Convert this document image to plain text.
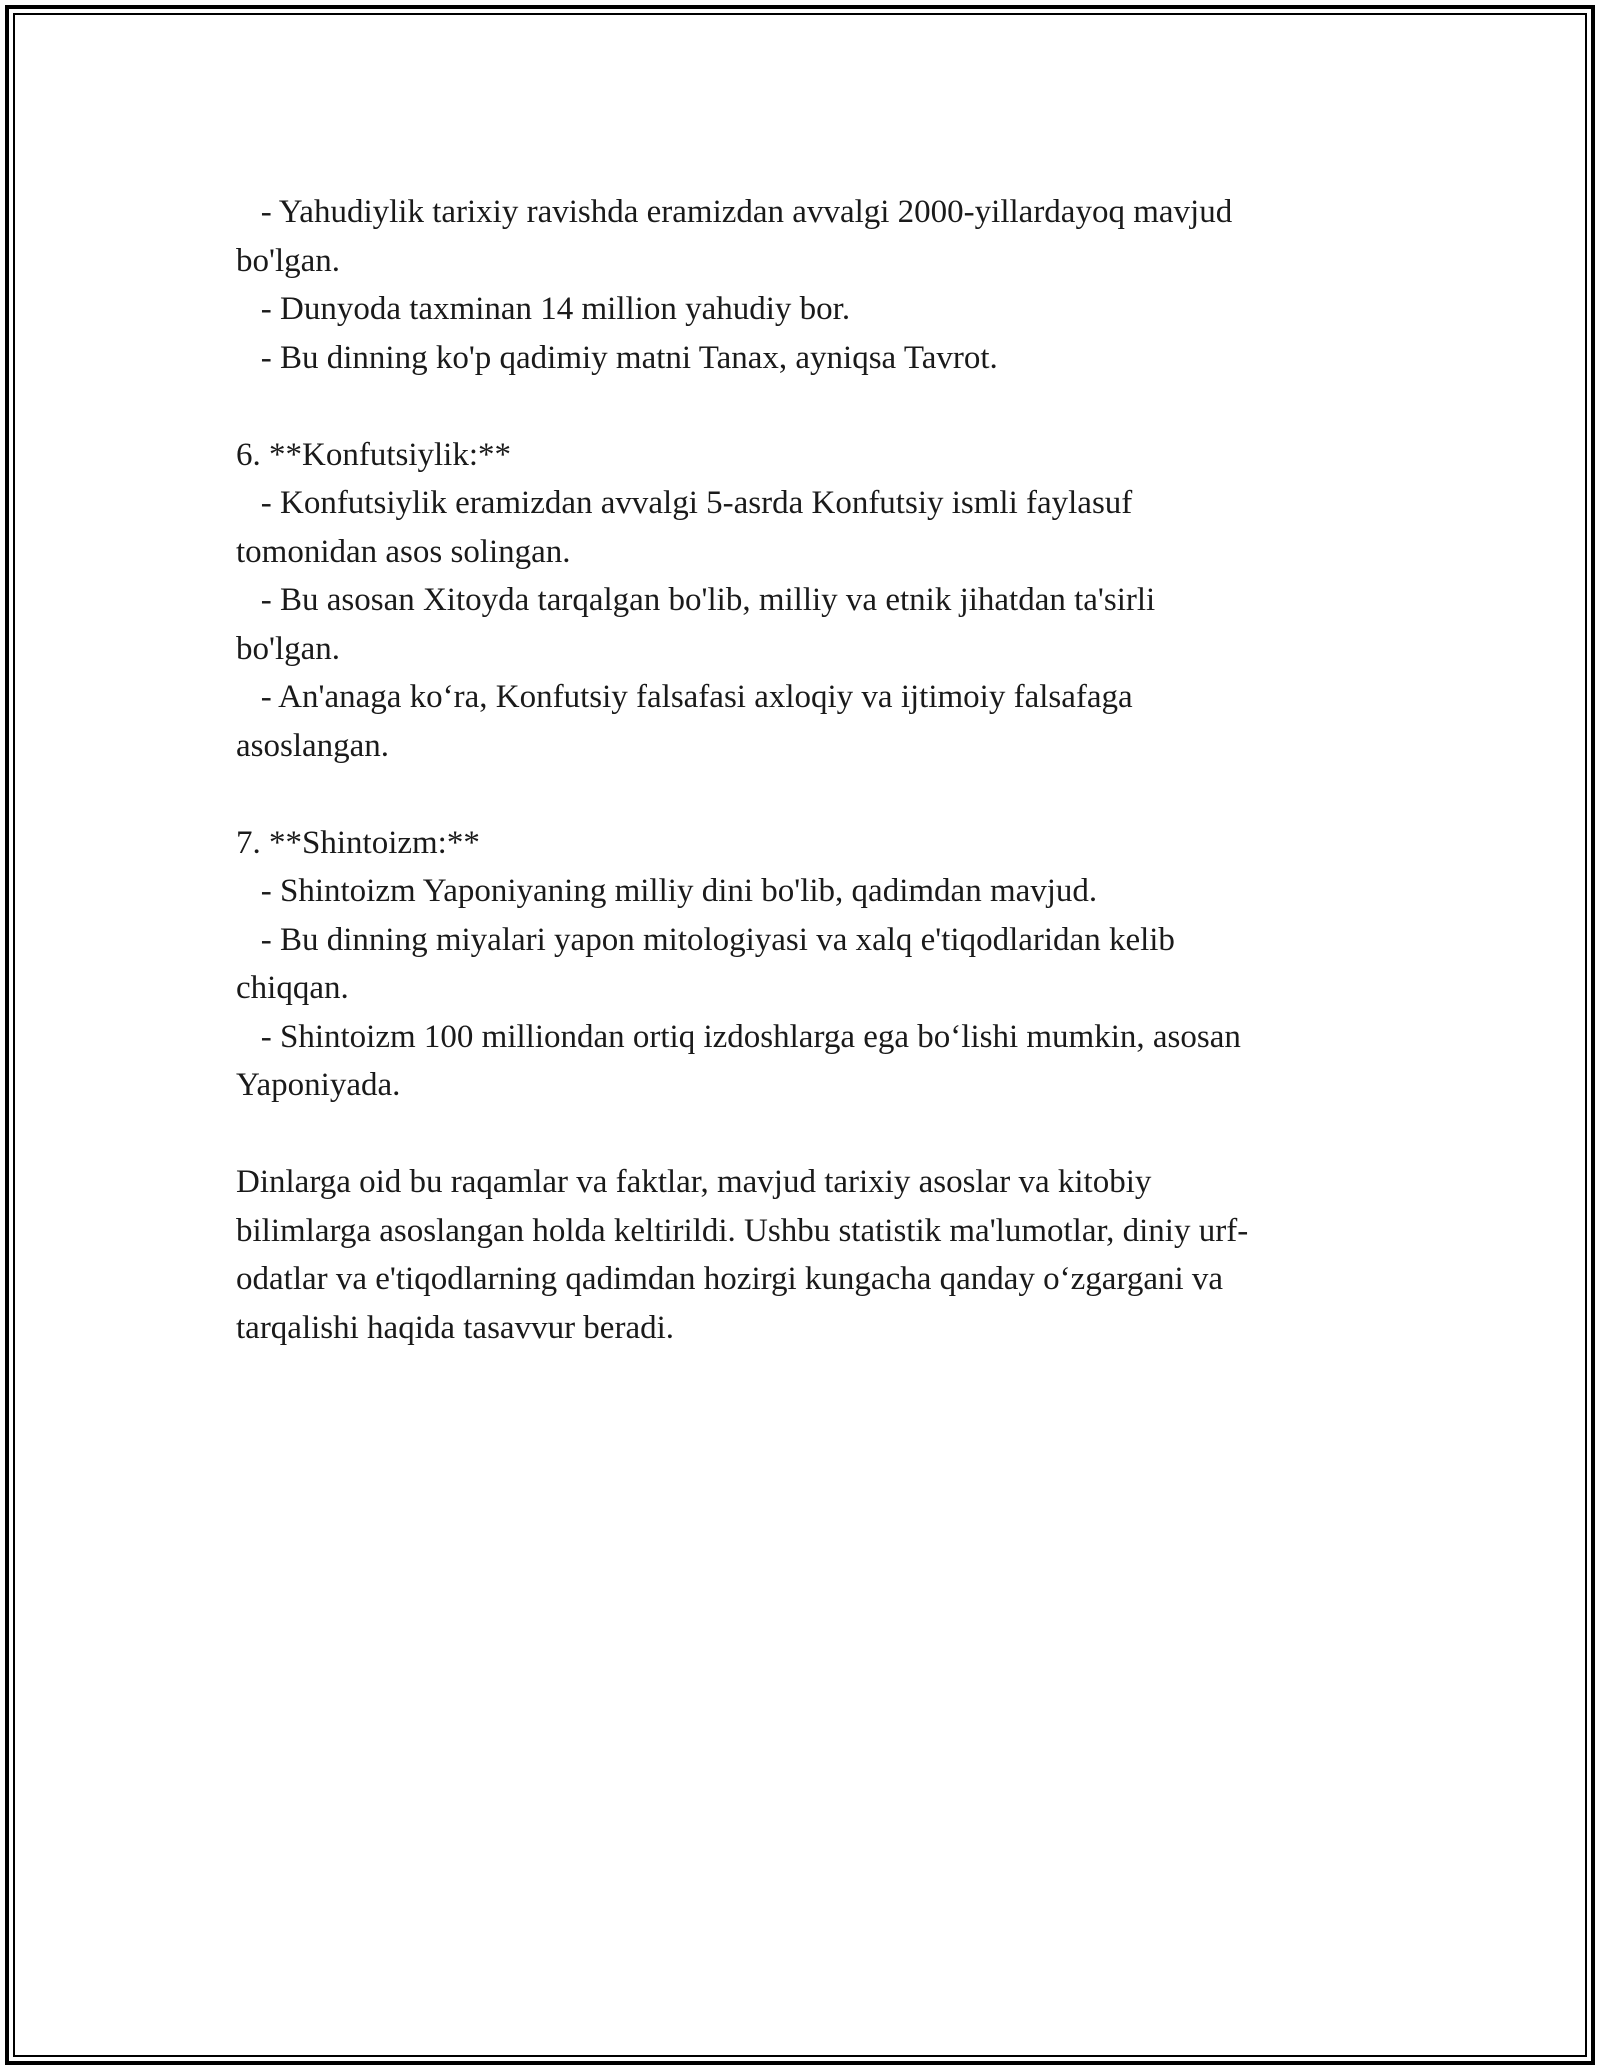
- Yahudiylik tarixiy ravishda eramizdan avvalgi 2000-yillardayoq mavjud

bo'lgan.

- Dunyoda taxminan 14 million yahudiy bor.

- Bu dinning ko'p qadimiy matni Tanax, ayniqsa Tavrot.

6. **Konfutsiylik:**

- Konfutsiylik eramizdan avvalgi 5-asrda Konfutsiy ismli faylasuf

tomonidan asos solingan.

- Bu asosan Xitoyda tarqalgan bo'lib, milliy va etnik jihatdan ta'sirli

bo'lgan.

- An'anaga ko‘ra, Konfutsiy falsafasi axloqiy va ijtimoiy falsafaga

asoslangan.

7. **Shintoizm:**

- Shintoizm Yaponiyaning milliy dini bo'lib, qadimdan mavjud.

- Bu dinning miyalari yapon mitologiyasi va xalq e'tiqodlaridan kelib

chiqqan.

- Shintoizm 100 milliondan ortiq izdoshlarga ega bo‘lishi mumkin, asosan

Yaponiyada.

Dinlarga oid bu raqamlar va faktlar, mavjud tarixiy asoslar va kitobiy

bilimlarga asoslangan holda keltirildi. Ushbu statistik ma'lumotlar, diniy urf-

odatlar va e'tiqodlarning qadimdan hozirgi kungacha qanday o‘zgargani va

tarqalishi haqida tasavvur beradi.
